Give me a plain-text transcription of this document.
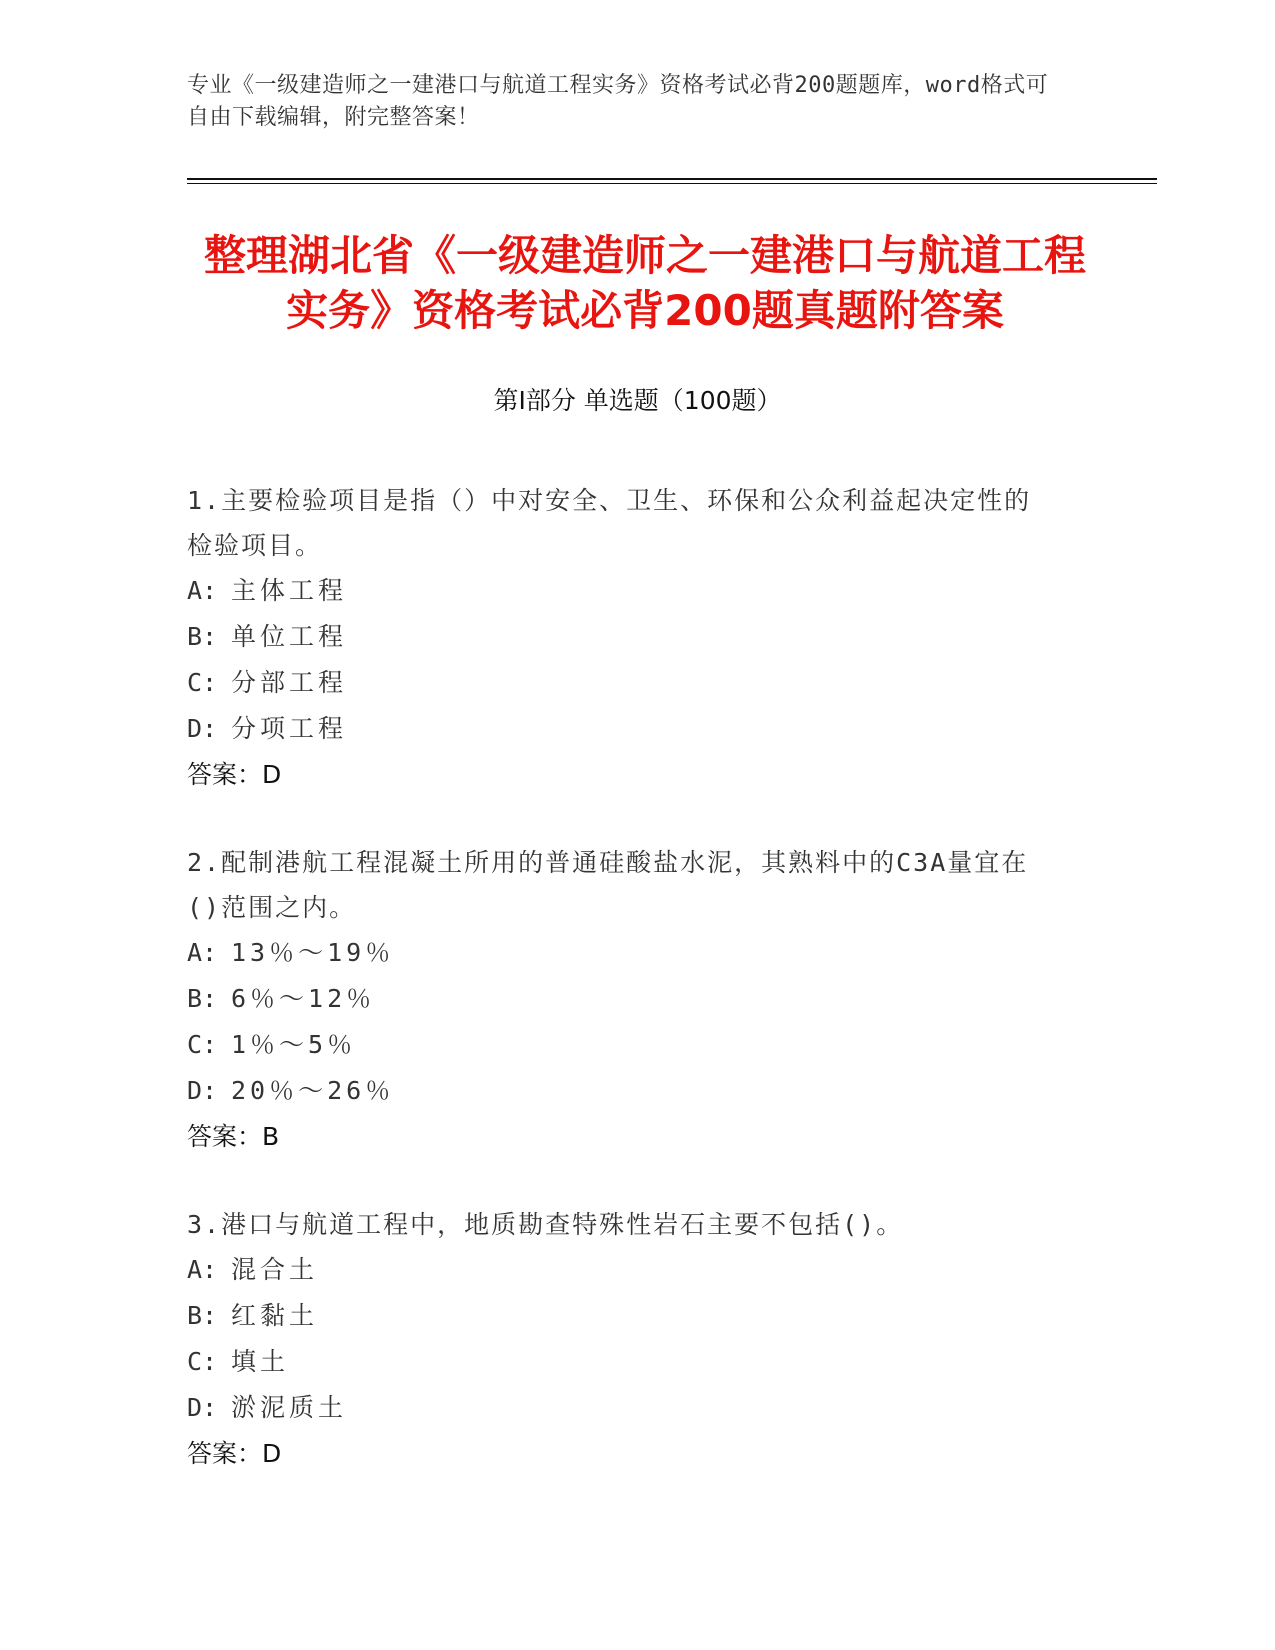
专业《一级建造师之一建港口与航道工程实务》资格考试必背200题题库，word格式可自由下载编辑，附完整答案！
整理湖北省《一级建造师之一建港口与航道工程实务》资格考试必背200题真题附答案
第Ⅰ部分 单选题（100题）

1.主要检验项目是指（）中对安全、卫生、环保和公众利益起决定性的检验项目。

A: 主体工程

B: 单位工程

C: 分部工程

D: 分项工程

答案：D

2.配制港航工程混凝土所用的普通硅酸盐水泥，其熟料中的C3A量宜在()范围之内。

A: 13％～19％

B: 6％～12％

C: 1％～5％

D: 20％～26％

答案：B

3.港口与航道工程中，地质勘查特殊性岩石主要不包括()。

A: 混合土

B: 红黏土

C: 填土

D: 淤泥质土

答案：D
